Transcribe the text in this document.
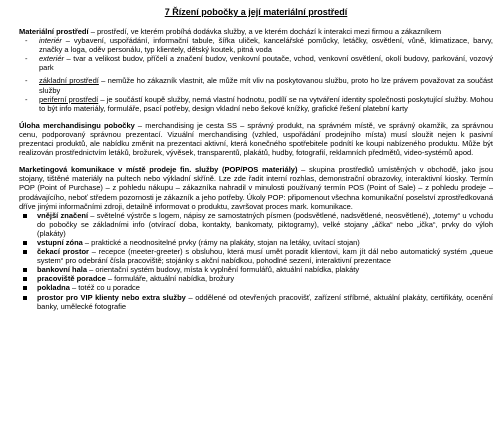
7 Řízení pobočky a její materiální prostředí

Materiální prostředí – prostředí, ve kterém probíhá dodávka služby, a ve kterém dochází k interakci mezi firmou a zákazníkem

-	interiér – vybavení, uspořádání, informační tabule, šířka uliček, kancelářské pomůcky, letáčky, osvětlení, vůně, klimatizace, barvy, značky a loga, oděv personálu, typ klientely, dětský koutek, pitná voda
-	exteriér – tvar a velikost budov, příčelí a značení budov, venkovní poutače, vchod, venkovní osvětlení, okolí budovy, parkování, vozový park
-	základní prostředí – nemůže ho zákazník vlastnit, ale může mít vliv na poskytovanou službu, proto ho lze právem považovat za součást služby
-	periferní prostředí – je součástí koupě služby, nemá vlastní hodnotu, podílí se na vytváření identity společnosti poskytující služby. Mohou to být info materiály, formuláře, psací potřeby, design vkladní nebo šekové knížky, grafické řešení platební karty

Úloha merchandisingu pobočky – merchandising je cesta SS – správný produkt, na správném místě, ve správný okamžik, za správnou cenu, podporovaný správnou prezentací. Vizuální merchandising (vzhled, uspořádání prodejního místa) musí sloužit nejen k pasivní prezentaci produktů, ale nabídku změnit na prezentaci aktivní, která konečného spotřebitele podnítí ke koupi nabízeného produktu. Může být realizován prostřednictvím letáků, brožurek, vývěsek, transparentů, plakátů, hudby, fotografií, reklamních předmětů, video-systémů apod.

Marketingová komunikace v místě prodeje fin. služby (POP/POS materiály) – skupina prostředků umístěných v obchodě, jako jsou stojany, tištěné materiály na pultech nebo výkladní skříně. Lze zde řadit interní rozhlas, demonstrační obrazovky, interaktivní kiosky. Termín POP (Point of Purchase) – z pohledu nákupu – zákazníka nahradil v minulosti používaný termín POS (Point of Sale) – z pohledu prodeje – prodávajícího, neboť středem pozornosti je zákazník a jeho potřeby. Úkoly POP: připomenout všechna komunikační poselství zprostředkovaná dříve jinými informačními zdroji, detailně informovat o produktu, završovat proces mark. komunikace.

vnější značení – světelné výstrče s logem, nápisy ze samostatných písmen (podsvětlené, nadsvětlené, neosvětlené), „totemy“ u vchodu do pobočky se základními info (otvírací doba, kontakty, bankomaty, piktogramy), velké stojany „áčka“ nebo „ička“, prvky do výloh (plakáty)
vstupní zóna – praktické a neodnositelné prvky (rámy na plakáty, stojan na letáky, uvítací stojan)
čekací prostor – recepce (meeter-greeter) s obsluhou, která musí umět poradit klientovi, kam jít dál nebo automatický systém „queue system“ pro odebrání čísla pracoviště; stojánky s akční nabídkou, pohodlné sezení, interaktivní prezentace
bankovní hala – orientační systém budovy, místa k vyplnění formulářů, aktuální nabídka, plakáty
pracoviště poradce – formuláře, aktuální nabídka, brožury
pokladna – totéž co u poradce
prostor pro VIP klienty nebo extra služby – oddělené od otevřených pracovišť, zařízení stříbrné, aktuální plakáty, certifikáty, ocenění banky, umělecké fotografie
